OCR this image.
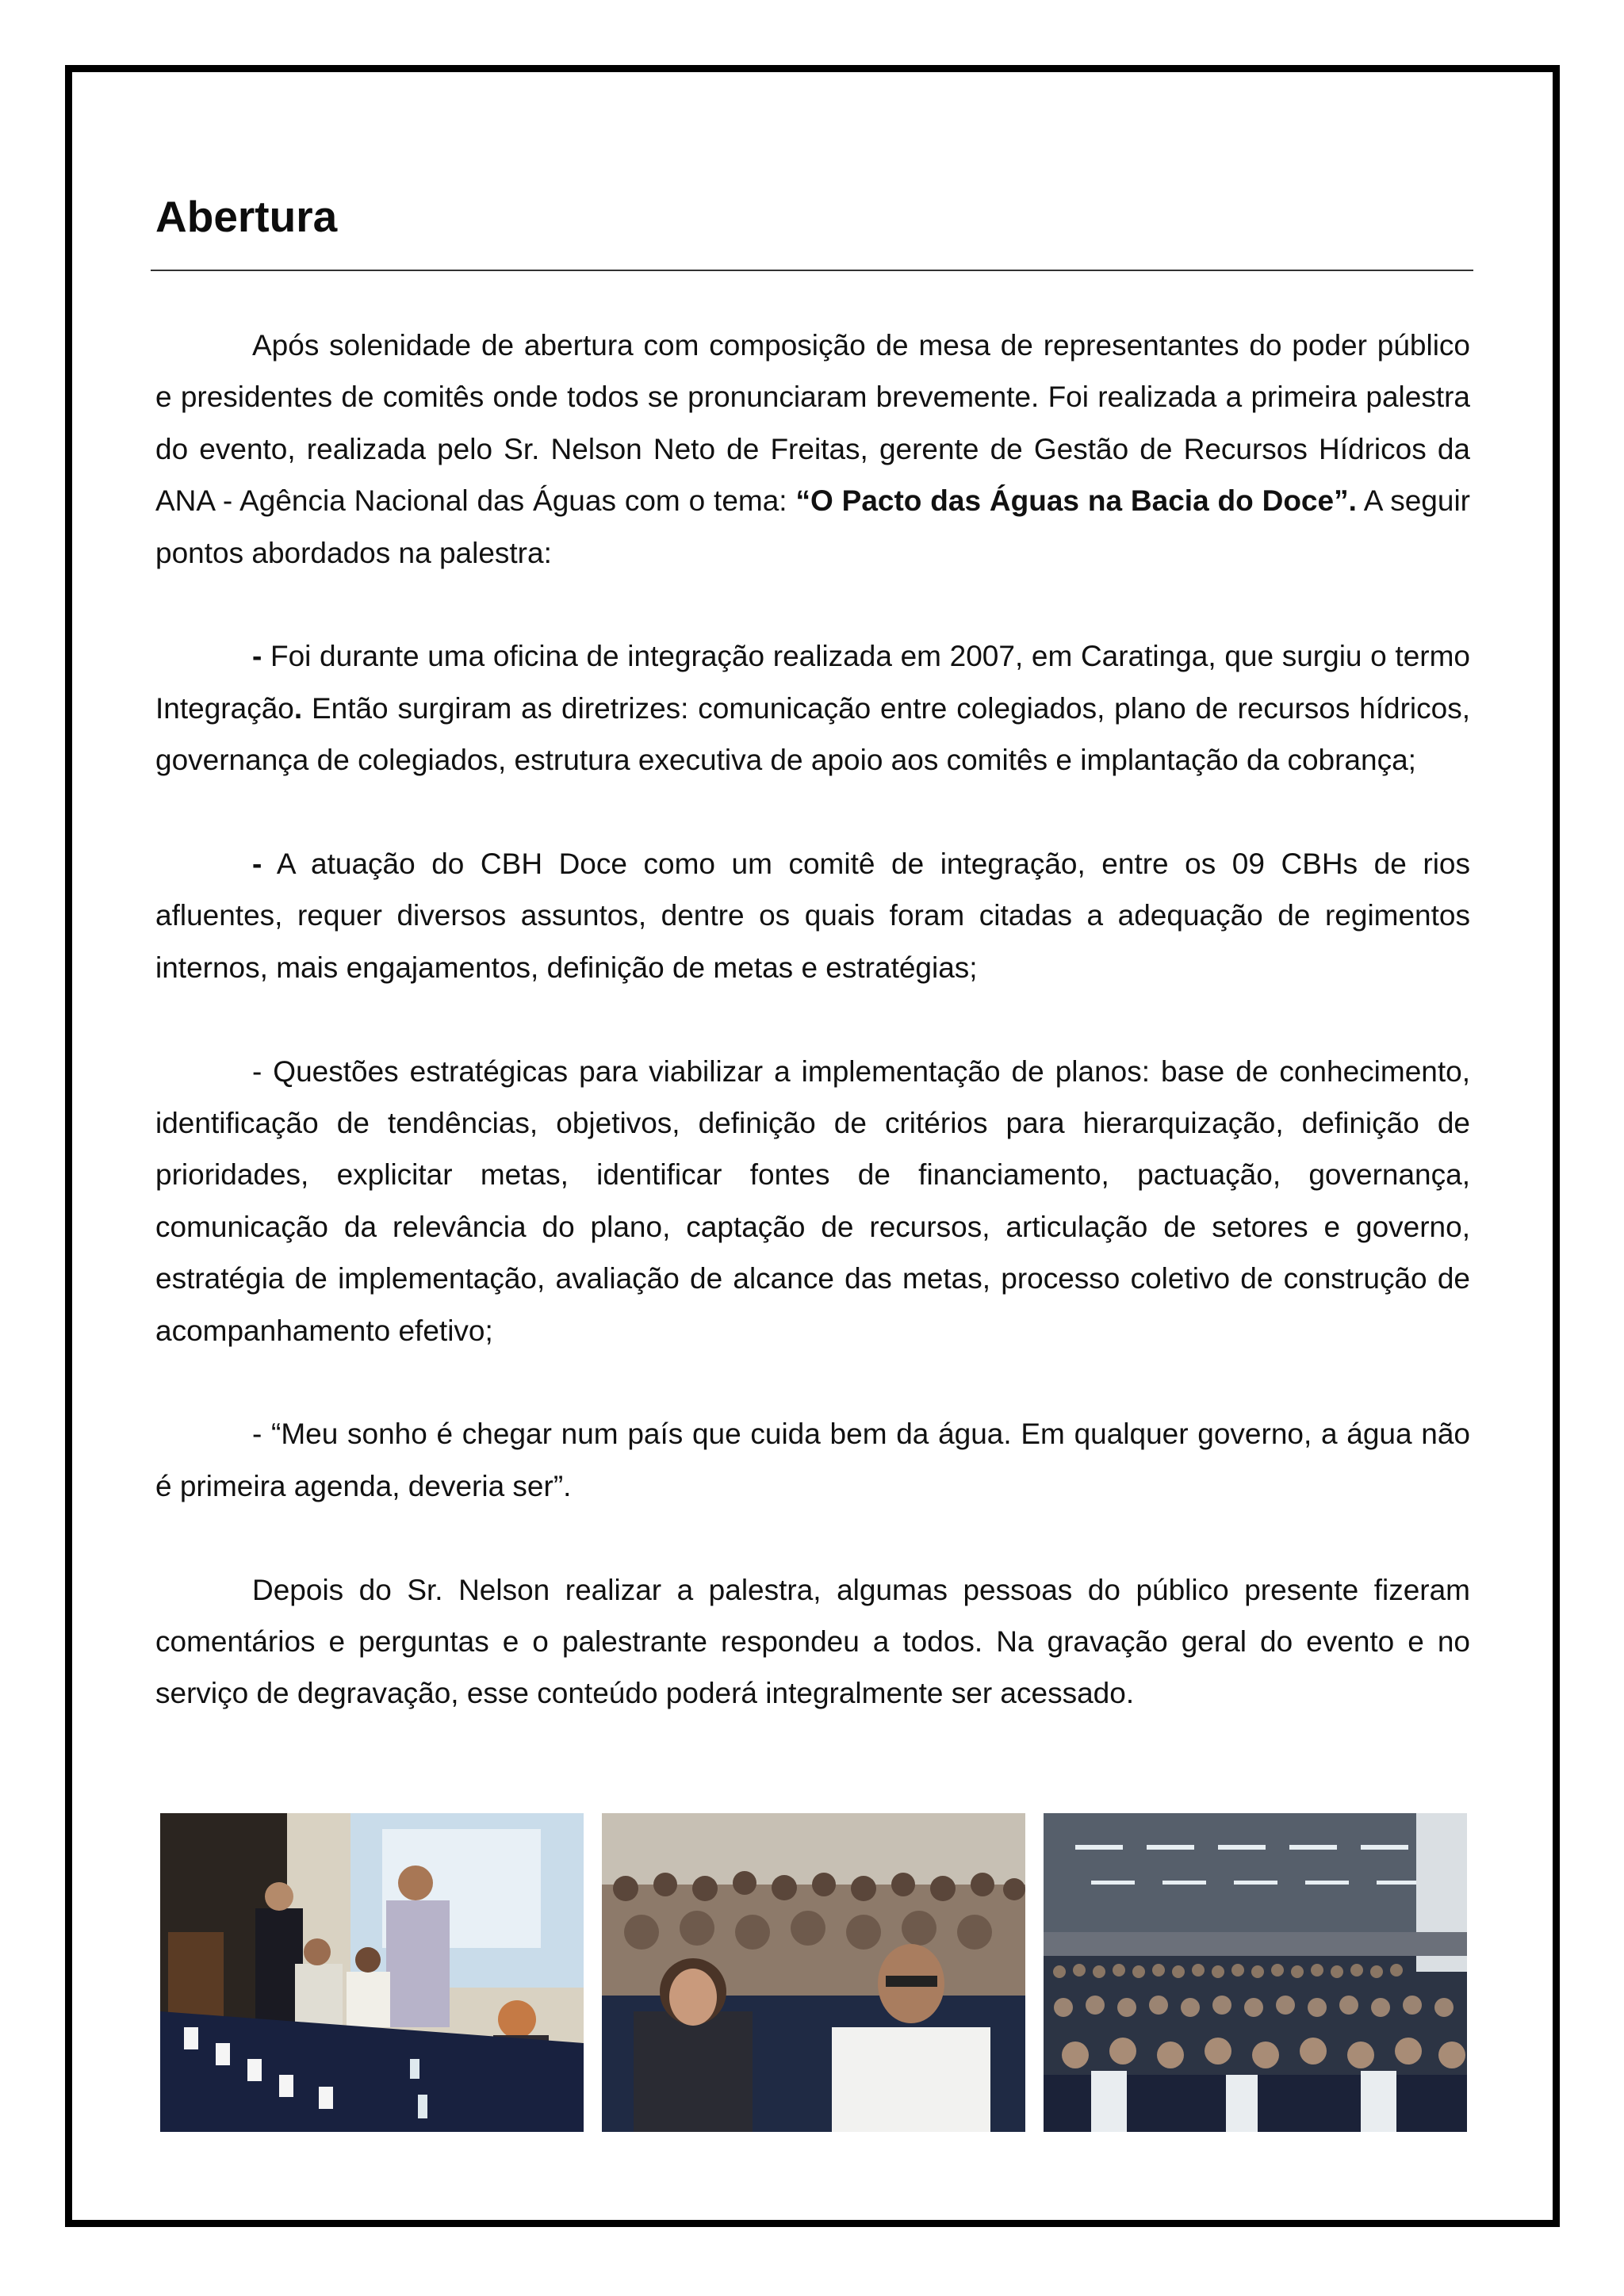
Abertura

Após solenidade de abertura com composição de mesa de representantes do poder público e presidentes de comitês onde todos se pronunciaram brevemente. Foi realizada a primeira palestra do evento, realizada pelo Sr. Nelson Neto de Freitas, gerente de Gestão de Recursos Hídricos da ANA - Agência Nacional das Águas com o tema: “O Pacto das Águas na Bacia do Doce”. A seguir pontos abordados na palestra:

- Foi durante uma oficina de integração realizada em 2007, em Caratinga, que surgiu o termo Integração. Então surgiram as diretrizes: comunicação entre colegiados, plano de recursos hídricos, governança de colegiados, estrutura executiva de apoio aos comitês e implantação da cobrança;

- A atuação do CBH Doce como um comitê de integração, entre os 09 CBHs de rios afluentes, requer diversos assuntos, dentre os quais foram citadas a adequação de regimentos internos, mais engajamentos, definição de metas e estratégias;

- Questões estratégicas para viabilizar a implementação de planos: base de conhecimento, identificação de tendências, objetivos, definição de critérios para hierarquização, definição de prioridades, explicitar metas, identificar fontes de financiamento, pactuação, governança, comunicação da relevância do plano, captação de recursos, articulação de setores e governo, estratégia de implementação, avaliação de alcance das metas, processo coletivo de construção de acompanhamento efetivo;

- “Meu sonho é chegar num país que cuida bem da água. Em qualquer governo, a água não é primeira agenda, deveria ser”.

Depois do Sr. Nelson realizar a palestra, algumas pessoas do público presente fizeram comentários e perguntas e o palestrante respondeu a todos. Na gravação geral do evento e no serviço de degravação, esse conteúdo poderá integralmente ser acessado.
